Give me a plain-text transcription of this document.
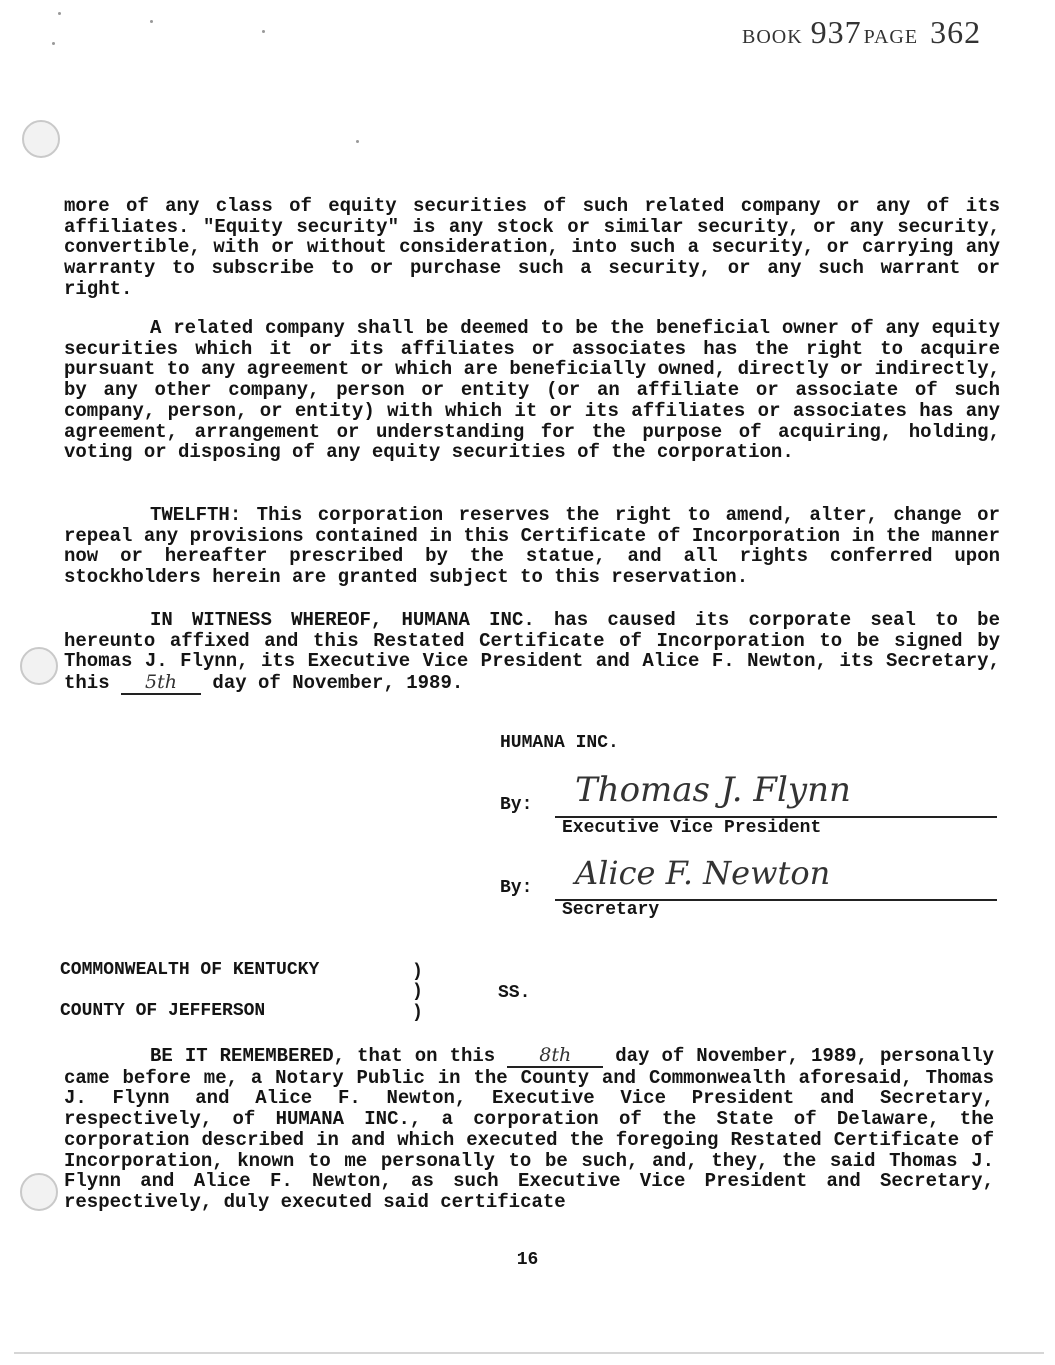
BOOK 937 PAGE 362

more of any class of equity securities of such related company or any of its affiliates. "Equity security" is any stock or similar security, or any security, convertible, with or without consideration, into such a security, or carrying any warranty to subscribe to or purchase such a security, or any such warrant or right.

A related company shall be deemed to be the beneficial owner of any equity securities which it or its affiliates or associates has the right to acquire pursuant to any agreement or which are beneficially owned, directly or indirectly, by any other company, person or entity (or an affiliate or associate of such company, person, or entity) with which it or its affiliates or associates has any agreement, arrangement or understanding for the purpose of acquiring, holding, voting or disposing of any equity securities of the corporation.

TWELFTH: This corporation reserves the right to amend, alter, change or repeal any provisions contained in this Certificate of Incorporation in the manner now or hereafter prescribed by the statue, and all rights conferred upon stockholders herein are granted subject to this reservation.

IN WITNESS WHEREOF, HUMANA INC. has caused its corporate seal to be hereunto affixed and this Restated Certificate of Incorporation to be signed by Thomas J. Flynn, its Executive Vice President and Alice F. Newton, its Secretary, this 5th day of November, 1989.

HUMANA INC.
By: Thomas J. Flynn
Executive Vice President
By: Alice F. Newton
Secretary
COMMONWEALTH OF KENTUCKY
COUNTY OF JEFFERSON
)
)
)
SS.

BE IT REMEMBERED, that on this 8th day of November, 1989, personally came before me, a Notary Public in the County and Commonwealth aforesaid, Thomas J. Flynn and Alice F. Newton, Executive Vice President and Secretary, respectively, of HUMANA INC., a corporation of the State of Delaware, the corporation described in and which executed the foregoing Restated Certificate of Incorporation, known to me personally to be such, and, they, the said Thomas J. Flynn and Alice F. Newton, as such Executive Vice President and Secretary, respectively, duly executed said certificate

16
